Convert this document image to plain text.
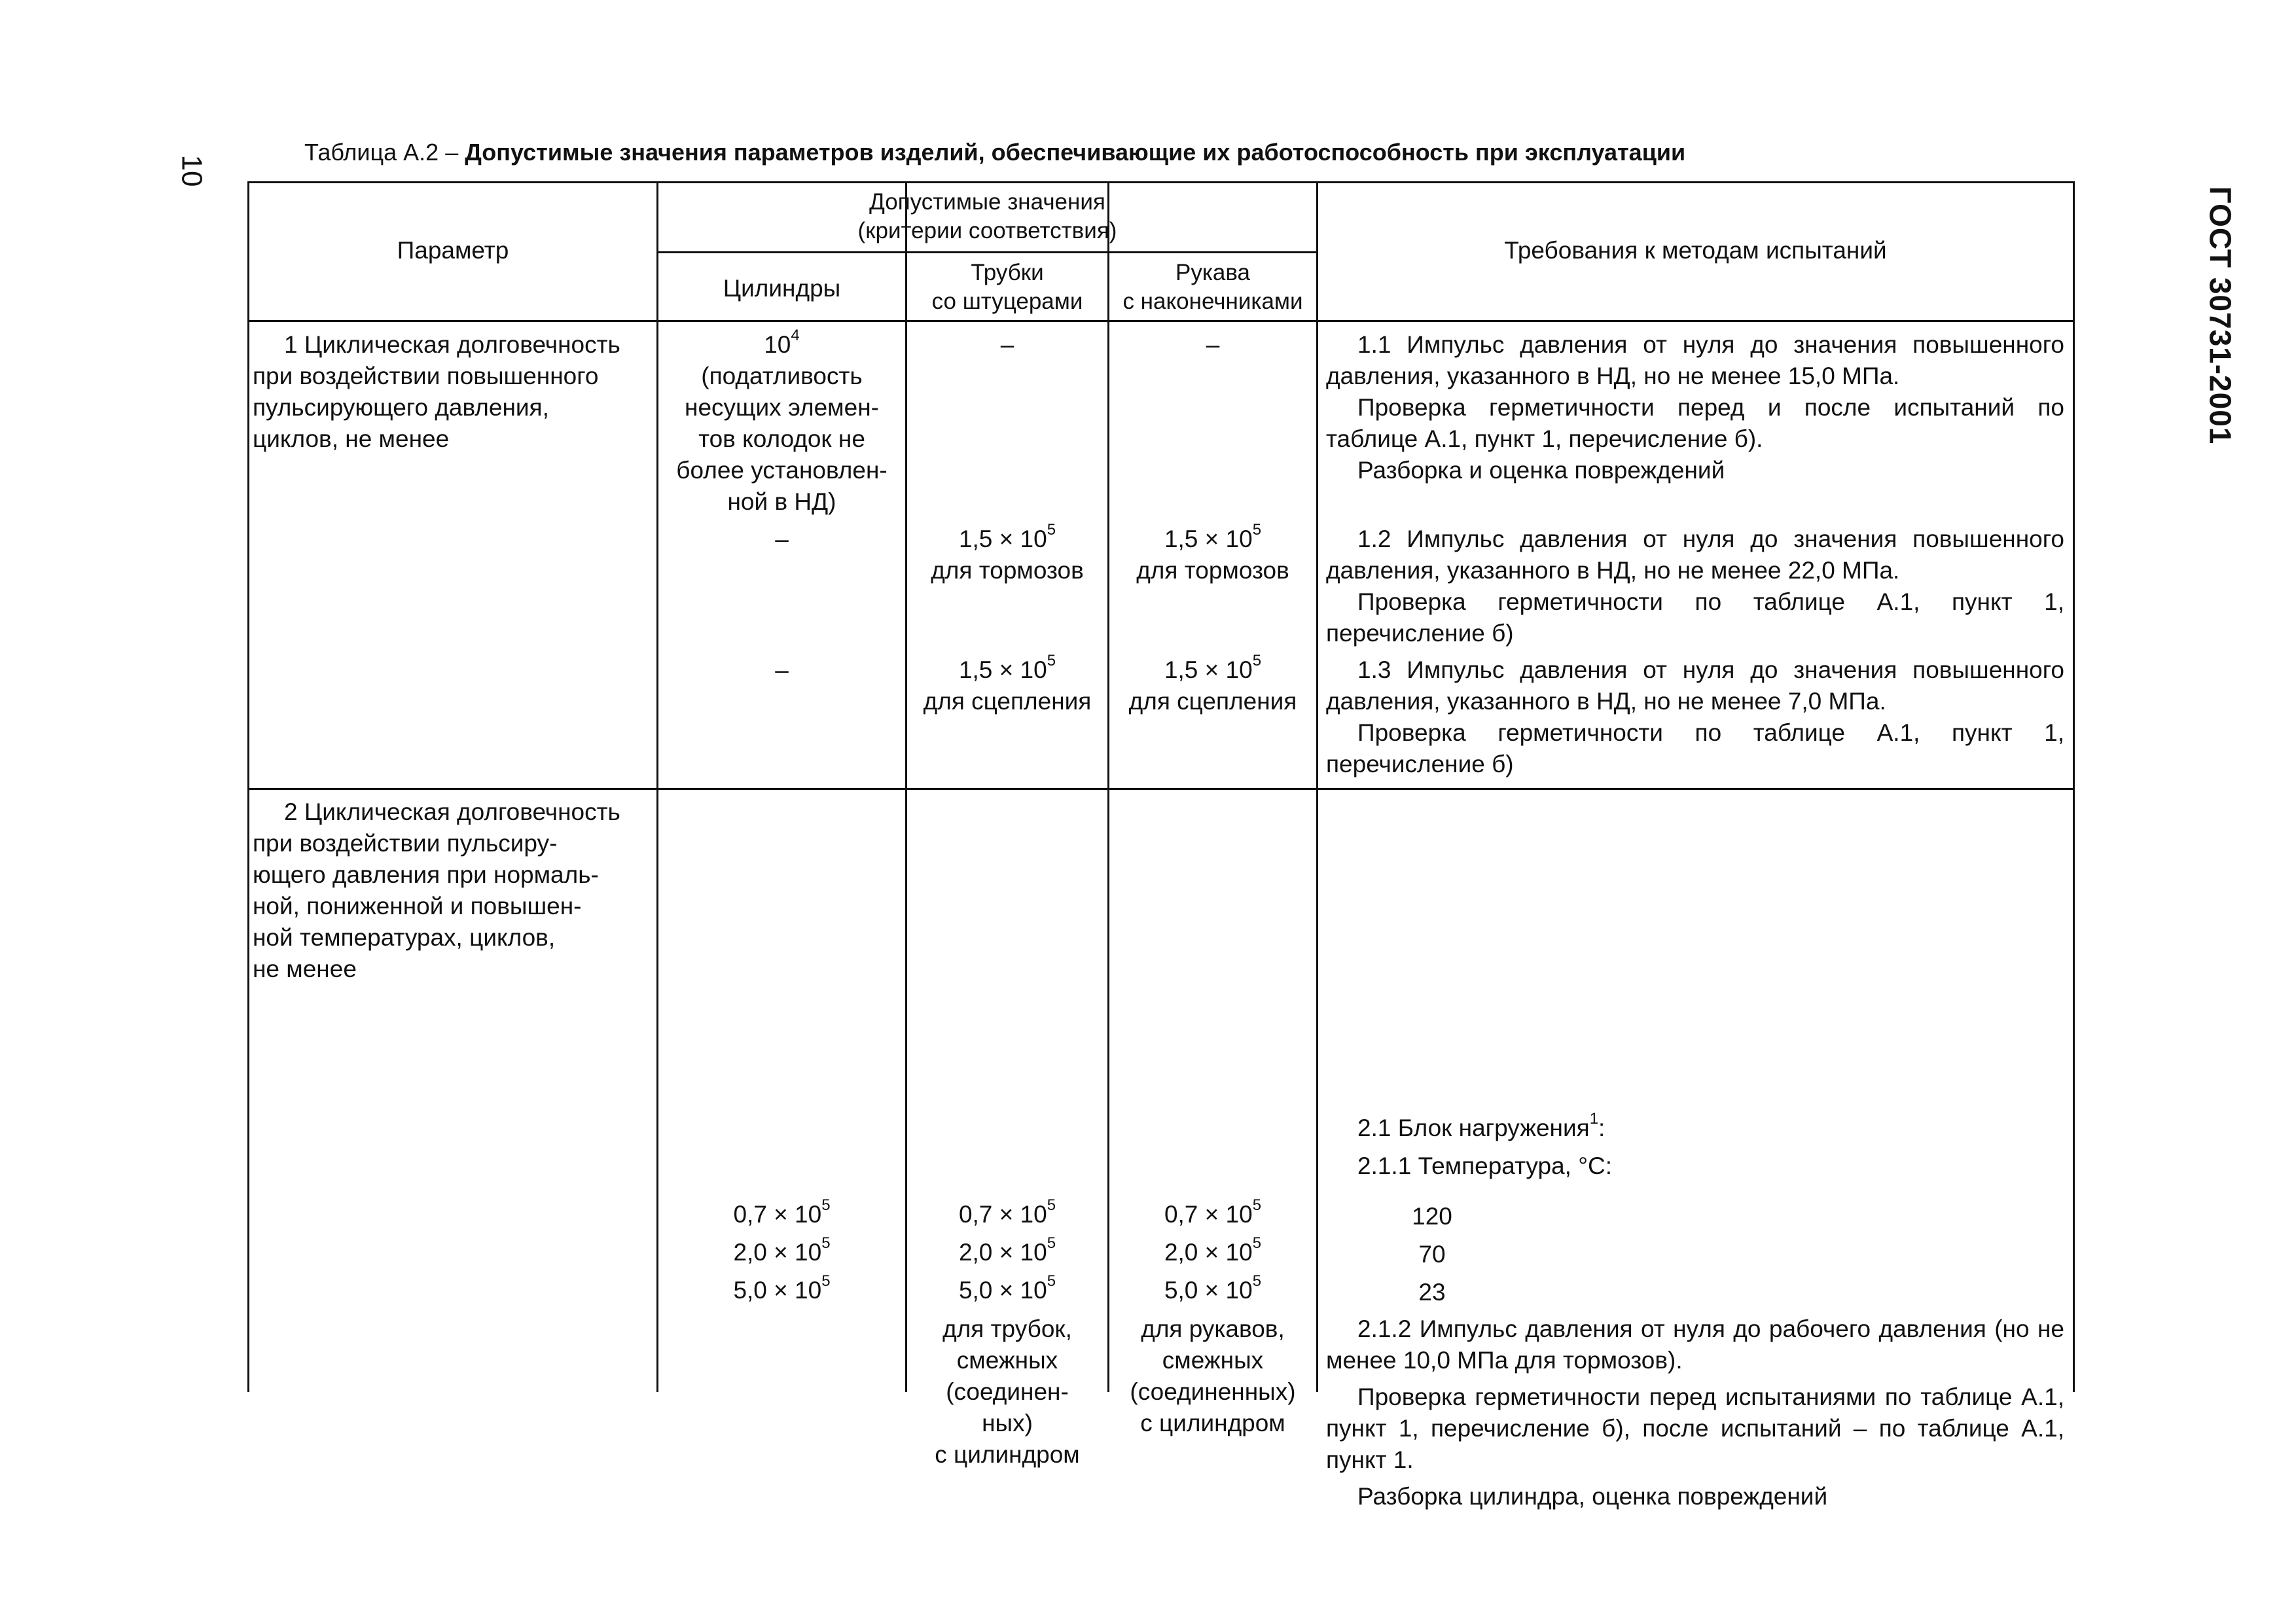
10
ГОСТ 30731-2001
Таблица А.2 – Допустимые значения параметров изделий, обеспечивающие их работоспособность при эксплуатации
Параметр
Допустимые значения
(критерии соответствия)
Цилиндры
Трубки
со штуцерами
Рукава
с наконечниками
Требования к методам испытаний
1 Циклическая долговечность
при воздействии повышенного
пульсирующего давления,
циклов, не менее
$10^4$
(податливость
несущих элемен-
тов колодок не
более установлен-
ной в НД)
–
–
–
$1,5 \times 10^5$
для тормозов
$1,5 \times 10^5$
для сцепления
–
$1,5 \times 10^5$
для тормозов
$1,5 \times 10^5$
для сцепления
1.1 Импульс давления от нуля до значения повышенного давления, указанного в НД, но не менее 15,0 МПа.
Проверка герметичности перед и после испытаний по таблице А.1, пункт 1, перечисление б).
Разборка и оценка повреждений
1.2 Импульс давления от нуля до значения повышенного давления, указанного в НД, но не менее 22,0 МПа.
Проверка герметичности по таблице А.1, пункт 1, перечисление б)
1.3 Импульс давления от нуля до значения повышенного давления, указанного в НД, но не менее 7,0 МПа.
Проверка герметичности по таблице А.1, пункт 1, перечисление б)
2 Циклическая долговечность
при воздействии пульсиру-
ющего давления при нормаль-
ной, пониженной и повышен-
ной температурах, циклов,
не менее
$0,7 \times 10^5$
$2,0 \times 10^5$
$5,0 \times 10^5$
$0,7 \times 10^5$
$2,0 \times 10^5$
$5,0 \times 10^5$
для трубок,
смежных
(соединен-
ных)
с цилиндром
$0,7 \times 10^5$
$2,0 \times 10^5$
$5,0 \times 10^5$
для рукавов,
смежных
(соединенных)
с цилиндром
2.1 Блок нагружения$^1$:
2.1.1 Температура, °С:
120
70
23
2.1.2 Импульс давления от нуля до рабочего давления (но не менее 10,0 МПа для тормозов).
Проверка герметичности перед испытаниями по таблице А.1, пункт 1, перечисление б), после испытаний – по таблице А.1, пункт 1.
Разборка цилиндра, оценка повреждений
